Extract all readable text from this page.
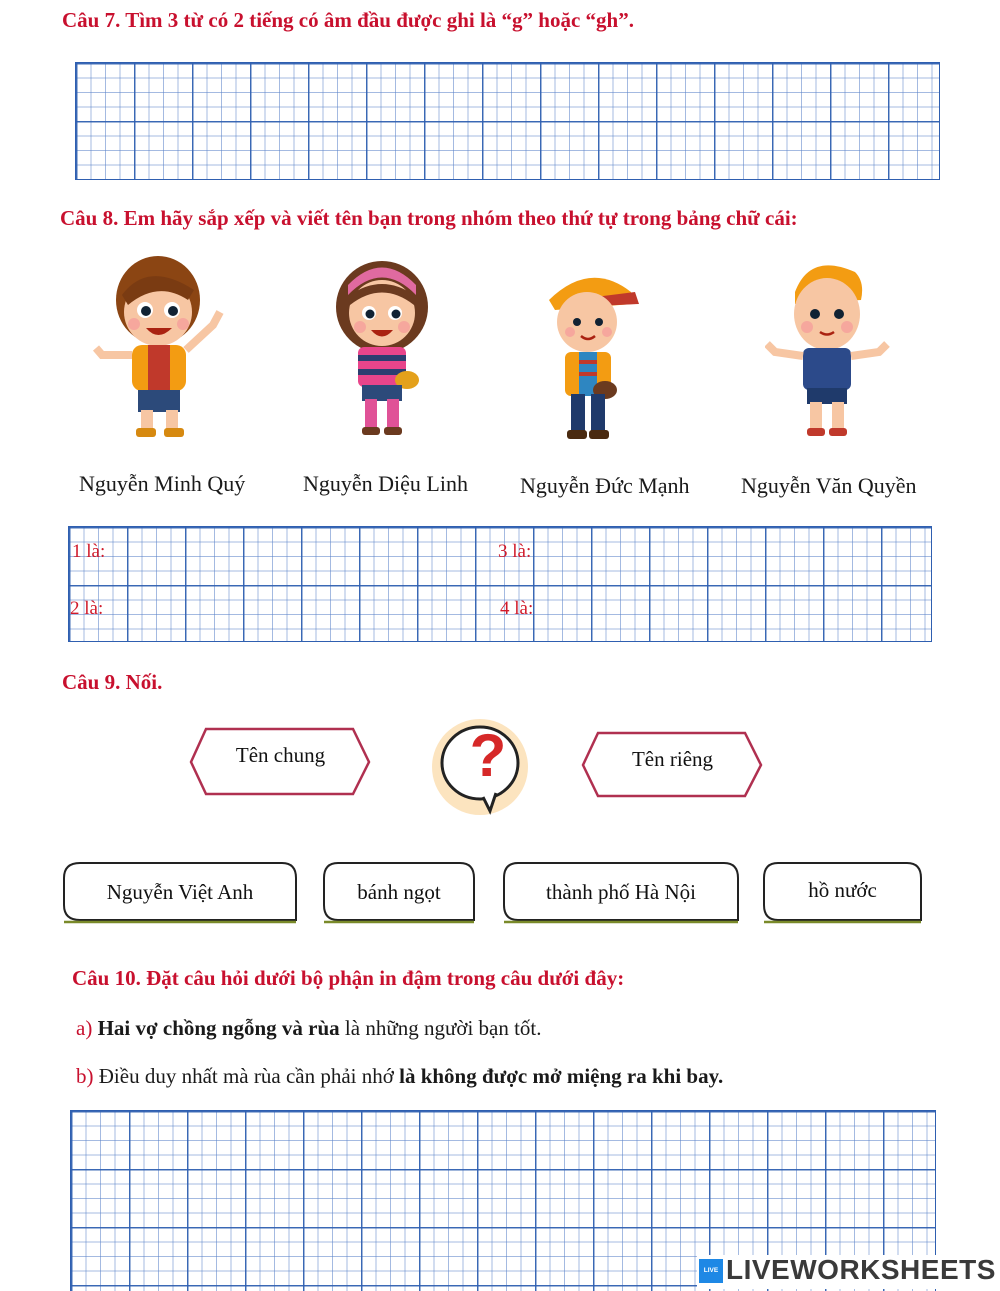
Câu 7. Tìm 3 từ có 2 tiếng có âm đầu được ghi là “g” hoặc “gh”.
Câu 8. Em hãy sắp xếp và viết tên bạn trong nhóm theo thứ tự trong bảng chữ cái:
Nguyễn Minh Quý	Nguyễn Diệu Linh Nguyễn Đức Mạnh Nguyễn Văn Quyền
1 là:
2 là:
3 là:
4 là:
Câu 9. Nối.
Tên chung	Tên riêng
?
Nguyễn Việt Anh	bánh ngọt	thành phố Hà Nội	hồ nước
Câu 10. Đặt câu hỏi dưới bộ phận in đậm trong câu dưới đây:
a) Hai vợ chồng ngỗng và rùa là những người bạn tốt.
b) Điều duy nhất mà rùa cần phải nhớ là không được mở miệng ra khi bay.
LIVE LIVEWORKSHEETS
